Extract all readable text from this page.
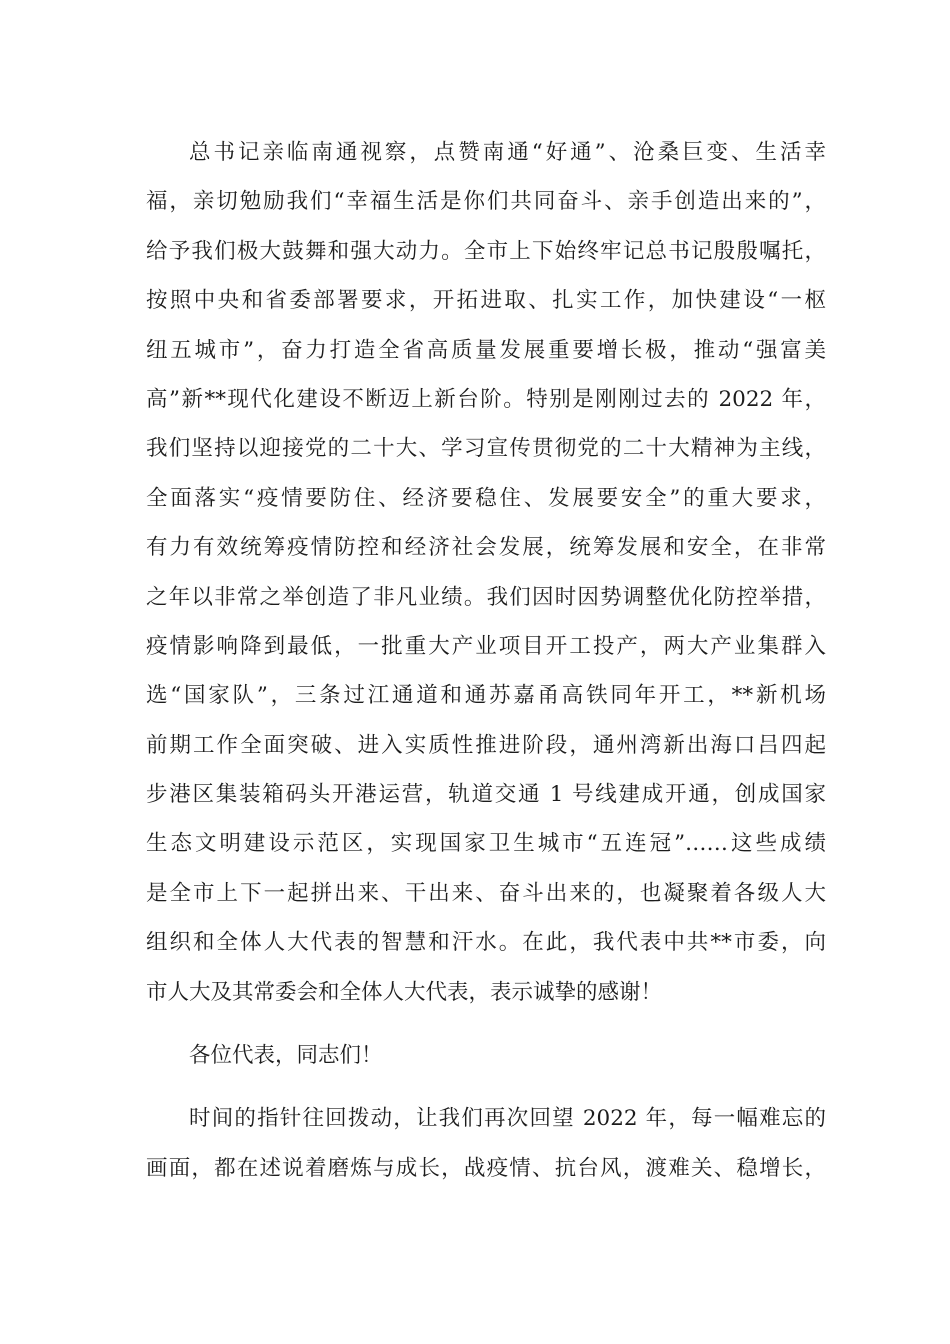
总书记亲临南通视察，点赞南通“好通”、沧桑巨变、生活幸
福，亲切勉励我们“幸福生活是你们共同奋斗、亲手创造出来的”，
给予我们极大鼓舞和强大动力。全市上下始终牢记总书记殷殷嘱托，
按照中央和省委部署要求，开拓进取、扎实工作，加快建设“一枢
纽五城市”，奋力打造全省高质量发展重要增长极，推动“强富美
高”新**现代化建设不断迈上新台阶。特别是刚刚过去的 2022 年，
我们坚持以迎接党的二十大、学习宣传贯彻党的二十大精神为主线，
全面落实“疫情要防住、经济要稳住、发展要安全”的重大要求，
有力有效统筹疫情防控和经济社会发展，统筹发展和安全，在非常
之年以非常之举创造了非凡业绩。我们因时因势调整优化防控举措，
疫情影响降到最低，一批重大产业项目开工投产，两大产业集群入
选“国家队”，三条过江通道和通苏嘉甬高铁同年开工，**新机场
前期工作全面突破、进入实质性推进阶段，通州湾新出海口吕四起
步港区集装箱码头开港运营，轨道交通 1 号线建成开通，创成国家
生态文明建设示范区，实现国家卫生城市“五连冠”……这些成绩
是全市上下一起拼出来、干出来、奋斗出来的，也凝聚着各级人大
组织和全体人大代表的智慧和汗水。在此，我代表中共**市委，向
市人大及其常委会和全体人大代表，表示诚挚的感谢！
各位代表，同志们！
时间的指针往回拨动，让我们再次回望 2022 年，每一幅难忘的
画面，都在述说着磨炼与成长，战疫情、抗台风，渡难关、稳增长，
